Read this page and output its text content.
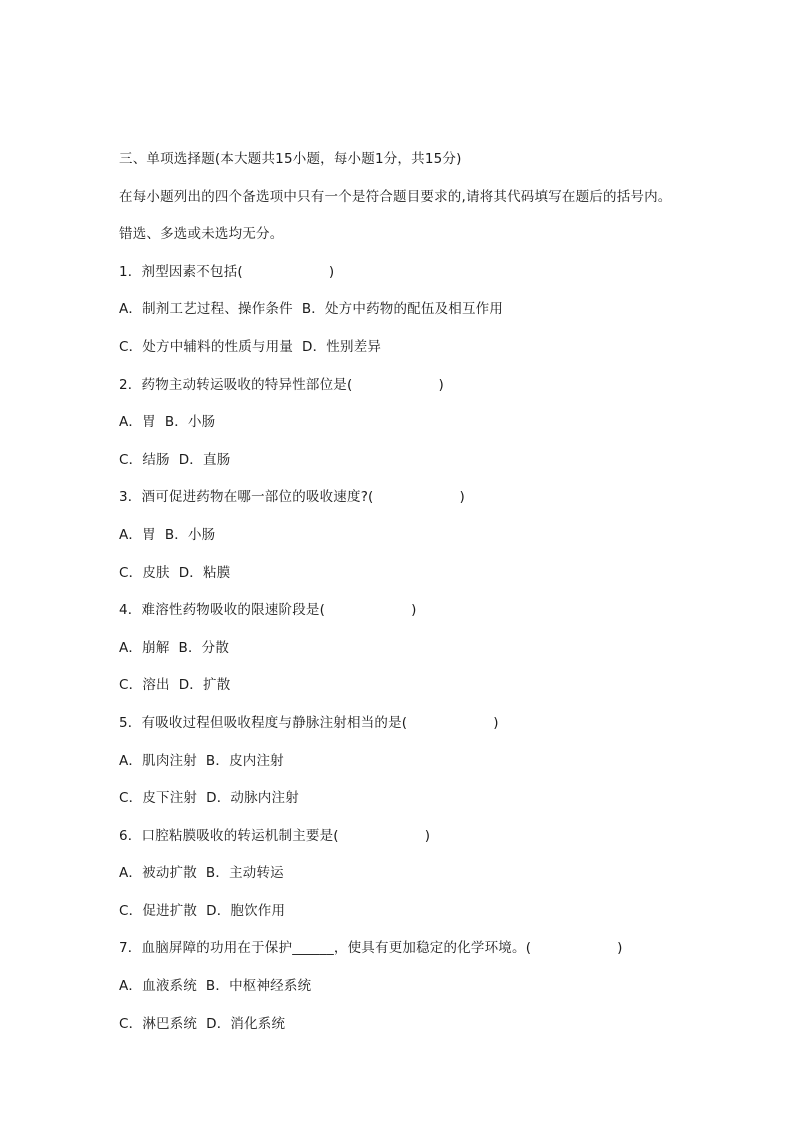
三、单项选择题(本大题共15小题，每小题1分，共15分)
在每小题列出的四个备选项中只有一个是符合题目要求的,请将其代码填写在题后的括号内。
错选、多选或未选均无分。
1．剂型因素不包括(	)
A．制剂工艺过程、操作条件  B．处方中药物的配伍及相互作用
C．处方中辅料的性质与用量  D．性别差异
2．药物主动转运吸收的特异性部位是(	)
A．胃  B．小肠
C．结肠  D．直肠
3．酒可促进药物在哪一部位的吸收速度?(	)
A．胃  B．小肠
C．皮肤  D．粘膜
4．难溶性药物吸收的限速阶段是(	)
A．崩解  B．分散
C．溶出  D．扩散
5．有吸收过程但吸收程度与静脉注射相当的是(	)
A．肌肉注射  B．皮内注射
C．皮下注射  D．动脉内注射
6．口腔粘膜吸收的转运机制主要是(	)
A．被动扩散  B．主动转运
C．促进扩散  D．胞饮作用
7．血脑屏障的功用在于保护______，使具有更加稳定的化学环境。(	)
A．血液系统  B．中枢神经系统
C．淋巴系统  D．消化系统
